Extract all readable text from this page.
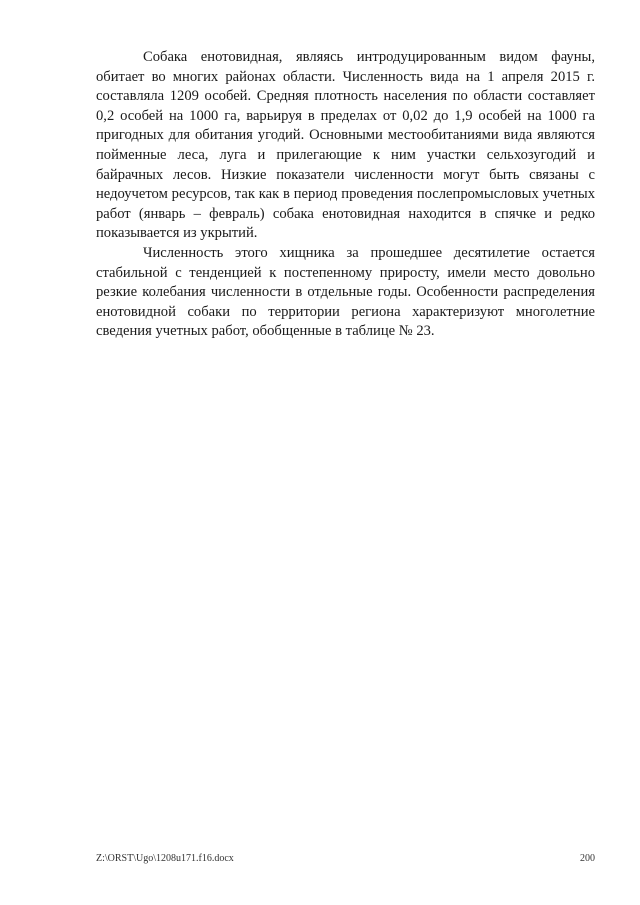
Собака енотовидная, являясь интродуцированным видом фауны, обитает во многих районах области. Численность вида на 1 апреля 2015 г. составляла 1209 особей. Средняя плотность населения по области составляет 0,2 особей на 1000 га, варьируя в пределах от 0,02 до 1,9 особей на 1000 га пригодных для обитания угодий. Основными местообитаниями вида являются пойменные леса, луга и прилегающие к ним участки сельхозугодий и байрачных лесов. Низкие показатели численности могут быть связаны с недоучетом ресурсов, так как в период проведения послепромысловых учетных работ (январь – февраль) собака енотовидная находится в спячке и редко показывается из укрытий.

Численность этого хищника за прошедшее десятилетие остается стабильной с тенденцией к постепенному приросту, имели место довольно резкие колебания численности в отдельные годы. Особенности распределения енотовидной собаки по территории региона характеризуют многолетние сведения учетных работ, обобщенные в таблице № 23.

Z:\ORST\Ugo\1208u171.f16.docx	200
